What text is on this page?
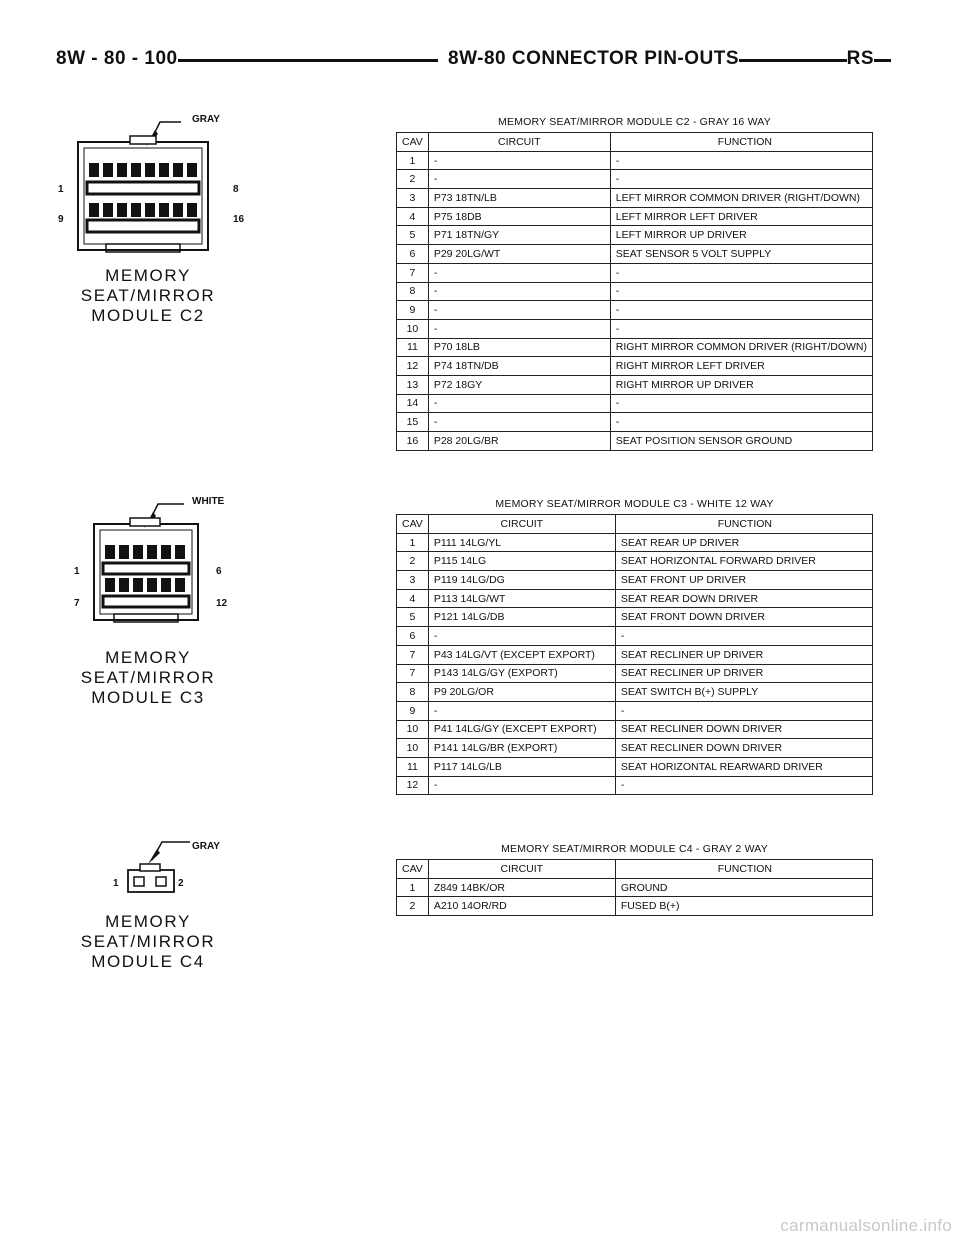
8W - 80 - 100	8W-80 CONNECTOR PIN-OUTS	RS
GRAY
1	8
9	16
MEMORY SEAT/MIRROR
MODULE C2
MEMORY SEAT/MIRROR MODULE C2 - GRAY 16 WAY
CAV	CIRCUIT	FUNCTION
1	-	-
2	-	-
3	P73 18TN/LB	LEFT MIRROR COMMON DRIVER (RIGHT/DOWN)
4	P75 18DB	LEFT MIRROR LEFT DRIVER
5	P71 18TN/GY	LEFT MIRROR UP DRIVER
6	P29 20LG/WT	SEAT SENSOR 5 VOLT SUPPLY
7	-	-
8	-	-
9	-	-
10	-	-
11	P70 18LB	RIGHT MIRROR COMMON DRIVER (RIGHT/DOWN)
12	P74 18TN/DB	RIGHT MIRROR LEFT DRIVER
13	P72 18GY	RIGHT MIRROR UP DRIVER
14	-	-
15	-	-
16	P28 20LG/BR	SEAT POSITION SENSOR GROUND
WHITE
1	6
7	12
MEMORY SEAT/MIRROR
MODULE C3
MEMORY SEAT/MIRROR MODULE C3 - WHITE 12 WAY
CAV	CIRCUIT	FUNCTION
1	P111 14LG/YL	SEAT REAR UP DRIVER
2	P115 14LG	SEAT HORIZONTAL FORWARD DRIVER
3	P119 14LG/DG	SEAT FRONT UP DRIVER
4	P113 14LG/WT	SEAT REAR DOWN DRIVER
5	P121 14LG/DB	SEAT FRONT DOWN DRIVER
6	-	-
7	P43 14LG/VT (EXCEPT EXPORT)	SEAT RECLINER UP DRIVER
7	P143 14LG/GY (EXPORT)	SEAT RECLINER UP DRIVER
8	P9 20LG/OR	SEAT SWITCH B(+) SUPPLY
9	-	-
10	P41 14LG/GY (EXCEPT EXPORT)	SEAT RECLINER DOWN DRIVER
10	P141 14LG/BR (EXPORT)	SEAT RECLINER DOWN DRIVER
11	P117 14LG/LB	SEAT HORIZONTAL REARWARD DRIVER
12	-	-
GRAY
1	2
MEMORY SEAT/MIRROR
MODULE C4
MEMORY SEAT/MIRROR MODULE C4 - GRAY 2 WAY
CAV	CIRCUIT	FUNCTION
1	Z849 14BK/OR	GROUND
2	A210 14OR/RD	FUSED B(+)
carmanualsonline.info
